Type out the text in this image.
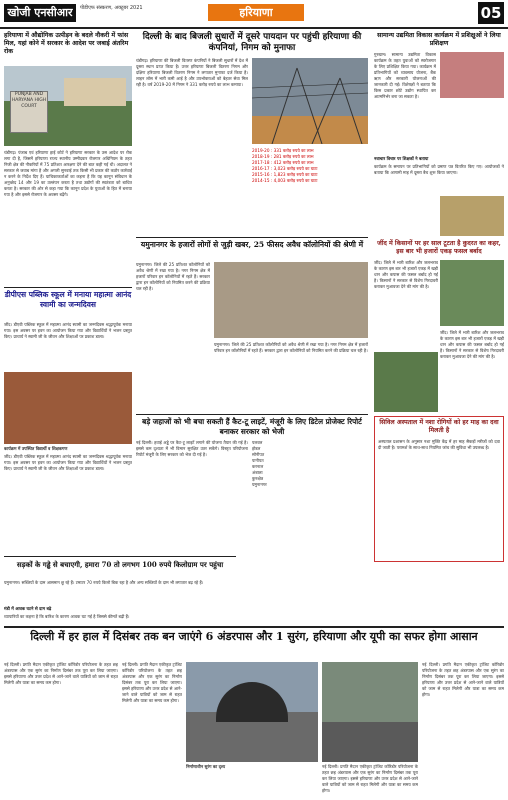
खोजी एनसीआर	पीडीएफ संस्करण, अक्टूबर 2021	हरियाणा	05
हरियाणा में औद्योगिक उत्पीड़न के बदले नौकरी में फांस मिल, यहां कोने में सरकार के आदेश पर जबाई अंतरिम रोक
PUNJAB AND HARYANA HIGH COURT
चंडीगढ़। पंजाब एवं हरियाणा हाई कोर्ट ने हरियाणा सरकार के उस आदेश पर रोक लगा दी है, जिसमें हरियाणा राज्य स्थानीय उम्मीदवार रोजगार अधिनियम के तहत निजी क्षेत्र की नौकरियों में 75 प्रतिशत आरक्षण देने की बात कही गई थी। अदालत ने सरकार से जवाब मांगा है और अगली सुनवाई तक किसी भी प्रकार की कठोर कार्रवाई न करने के निर्देश दिए हैं। याचिकाकर्ताओं का कहना है कि यह कानून संविधान के अनुच्छेद 14 और 19 का उल्लंघन करता है तथा उद्योगों की स्वतंत्रता को बाधित करता है। सरकार की ओर से कहा गया कि कानून प्रदेश के युवाओं के हित में बनाया गया है और इससे रोजगार के अवसर बढ़ेंगे।
दिल्ली के बाद बिजली सुधारों में दूसरे पायदान पर पहुंची हरियाणा की कंपनियां, निगम को मुनाफा
चंडीगढ़। हरियाणा की बिजली वितरण कंपनियों ने बिजली सुधारों में देश में दूसरा स्थान प्राप्त किया है। उत्तर हरियाणा बिजली वितरण निगम और दक्षिण हरियाणा बिजली वितरण निगम ने लगातार मुनाफा दर्ज किया है। लाइन लॉस में भारी कमी आई है और उपभोक्ताओं को बेहतर सेवा मिल रही है। वर्ष 2019-20 में निगम ने 331 करोड़ रुपये का लाभ कमाया।
2019-20 : 331 करोड़ रुपये का लाभ
2018-19 : 281 करोड़ रुपये का लाभ
2017-18 : 412 करोड़ रुपये का लाभ
2016-17 : 3,023 करोड़ रुपये का घाटा
2015-16 : 1,823 करोड़ रुपये का घाटा
2014-15 : 4,003 करोड़ रुपये का घाटा
सामान्य उद्यमिता विकास कार्यक्रम में प्रशिक्षुओं ने लिया प्रशिक्षण
गुरुग्राम। सामान्य उद्यमिता विकास कार्यक्रम के तहत युवाओं को स्वरोजगार के लिए प्रशिक्षित किया गया। कार्यक्रम में प्रतिभागियों को व्यवसाय योजना, बैंक ऋण और सरकारी योजनाओं की जानकारी दी गई। विशेषज्ञों ने बताया कि किस प्रकार छोटे उद्योग स्थापित कर आत्मनिर्भर बना जा सकता है।
नवाचार विचार पर शिक्षकों ने बताया
कार्यक्रम के समापन पर प्रतिभागियों को प्रमाण पत्र वितरित किए गए। आयोजकों ने बताया कि आगामी माह में दूसरा बैच शुरू किया जाएगा।
डीपीएस पब्लिक स्कूल में मनाया महात्मा आनंद स्वामी का जन्मदिवस
जींद। डीएवी पब्लिक स्कूल में महात्मा आनंद स्वामी का जन्मदिवस श्रद्धापूर्वक मनाया गया। इस अवसर पर हवन का आयोजन किया गया और विद्यार्थियों ने भजन प्रस्तुत किए। प्राचार्य ने स्वामी जी के जीवन और शिक्षाओं पर प्रकाश डाला।
कार्यक्रम में उपस्थित विद्यार्थी व शिक्षकगण
जींद। डीएवी पब्लिक स्कूल में महात्मा आनंद स्वामी का जन्मदिवस श्रद्धापूर्वक मनाया गया। इस अवसर पर हवन का आयोजन किया गया और विद्यार्थियों ने भजन प्रस्तुत किए। प्राचार्य ने स्वामी जी के जीवन और शिक्षाओं पर प्रकाश डाला।
यमुनानगर के हजारों लोगों से जुड़ी खबर, 25 फीसद अवैध कॉलोनियों की श्रेणी में
यमुनानगर। जिले की 25 प्रतिशत कॉलोनियों को अवैध श्रेणी में रखा गया है। नगर निगम क्षेत्र में हजारों परिवार इन कॉलोनियों में रहते हैं। सरकार द्वारा इन कॉलोनियों को नियमित करने की प्रक्रिया चल रही है।
यमुनानगर। जिले की 25 प्रतिशत कॉलोनियों को अवैध श्रेणी में रखा गया है। नगर निगम क्षेत्र में हजारों परिवार इन कॉलोनियों में रहते हैं। सरकार द्वारा इन कॉलोनियों को नियमित करने की प्रक्रिया चल रही है।
जींद में किसानों पर हर साल टूटता है कुदरत का कहर, इस बार भी हजारों एकड़ फसल बर्बाद
जींद। जिले में भारी बारिश और जलभराव के कारण इस बार भी हजारों एकड़ में खड़ी धान और कपास की फसल बर्बाद हो गई है। किसानों ने सरकार से विशेष गिरदावरी कराकर मुआवजा देने की मांग की है।
जींद। जिले में भारी बारिश और जलभराव के कारण इस बार भी हजारों एकड़ में खड़ी धान और कपास की फसल बर्बाद हो गई है। किसानों ने सरकार से विशेष गिरदावरी कराकर मुआवजा देने की मांग की है।
बड़े जहाजों को भी बचा सकती हैं कैट-टू लाइटें, मंजूरी के लिए डिटेल प्रोजेक्ट रिपोर्ट बनाकर सरकार को भेजी
नई दिल्ली। हवाई अड्डे पर कैट-टू लाइटें लगाने की योजना तैयार की गई है। इससे कम दृश्यता में भी विमान सुरक्षित उतर सकेंगे। विस्तृत परियोजना रिपोर्ट मंजूरी के लिए सरकार को भेज दी गई है।
पलवल
होडल
सोनीपत
पानीपत
करनाल
अंबाला
कुरुक्षेत्र
यमुनानगर
सिविल अस्पताल में नशा रोगियों को हर माह का दवा मिलती है
अस्पताल प्रशासन के अनुसार नशा मुक्ति केंद्र में हर माह सैकड़ों मरीजों को दवा दी जाती है। परामर्श के साथ-साथ नियमित जांच की सुविधा भी उपलब्ध है।
सड़कों के गड्ढे से बचाएगी, हमारा 70 तो लगभग 100 रुपये किलोग्राम पर पहुंचा
यमुनानगर। सब्जियों के दाम आसमान छू रहे हैं। टमाटर 70 रुपये किलो बिक रहा है और अन्य सब्जियों के दाम भी लगातार बढ़ रहे हैं।
मंडी में आवक घटने से दाम बढ़े
व्यापारियों का कहना है कि बारिश के कारण आवक घट गई है जिससे कीमतें बढ़ी हैं।
दिल्ली में हर हाल में दिसंबर तक बन जाएंगे 6 अंडरपास और 1 सुरंग, हरियाणा और यूपी का सफर होगा आसान
नई दिल्ली। प्रगति मैदान एकीकृत ट्रांजिट कॉरिडोर परियोजना के तहत छह अंडरपास और एक सुरंग का निर्माण दिसंबर तक पूरा कर लिया जाएगा। इससे हरियाणा और उत्तर प्रदेश से आने-जाने वाले यात्रियों को जाम से राहत मिलेगी और यात्रा का समय कम होगा।
नई दिल्ली। प्रगति मैदान एकीकृत ट्रांजिट कॉरिडोर परियोजना के तहत छह अंडरपास और एक सुरंग का निर्माण दिसंबर तक पूरा कर लिया जाएगा। इससे हरियाणा और उत्तर प्रदेश से आने-जाने वाले यात्रियों को जाम से राहत मिलेगी और यात्रा का समय कम होगा।
निर्माणाधीन सुरंग का दृश्य	नई दिल्ली। प्रगति मैदान एकीकृत ट्रांजिट कॉरिडोर परियोजना के तहत छह अंडरपास और एक सुरंग का निर्माण दिसंबर तक पूरा कर लिया जाएगा। इससे हरियाणा और उत्तर प्रदेश से आने-जाने वाले यात्रियों को जाम से राहत मिलेगी और यात्रा का समय कम होगा।
नई दिल्ली। प्रगति मैदान एकीकृत ट्रांजिट कॉरिडोर परियोजना के तहत छह अंडरपास और एक सुरंग का निर्माण दिसंबर तक पूरा कर लिया जाएगा। इससे हरियाणा और उत्तर प्रदेश से आने-जाने वाले यात्रियों को जाम से राहत मिलेगी और यात्रा का समय कम होगा।
